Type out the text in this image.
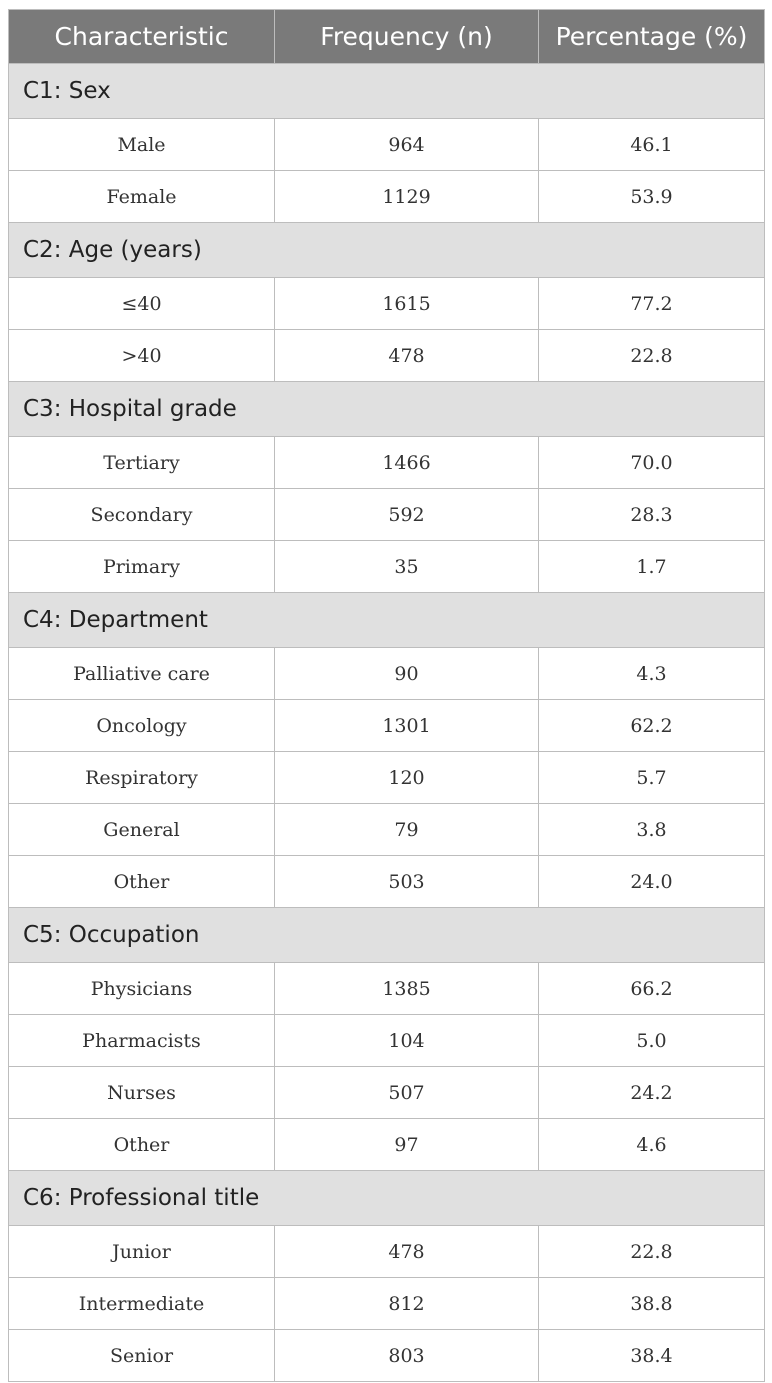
Characteristic	Frequency (n)	Percentage (%)
C1: Sex		
Male	964	46.1
Female	1129	53.9
C2: Age (years)		
≤40	1615	77.2
>40	478	22.8
C3: Hospital grade		
Tertiary	1466	70.0
Secondary	592	28.3
Primary	35	1.7
C4: Department		
Palliative care	90	4.3
Oncology	1301	62.2
Respiratory	120	5.7
General	79	3.8
Other	503	24.0
C5: Occupation		
Physicians	1385	66.2
Pharmacists	104	5.0
Nurses	507	24.2
Other	97	4.6
C6: Professional title		
Junior	478	22.8
Intermediate	812	38.8
Senior	803	38.4
